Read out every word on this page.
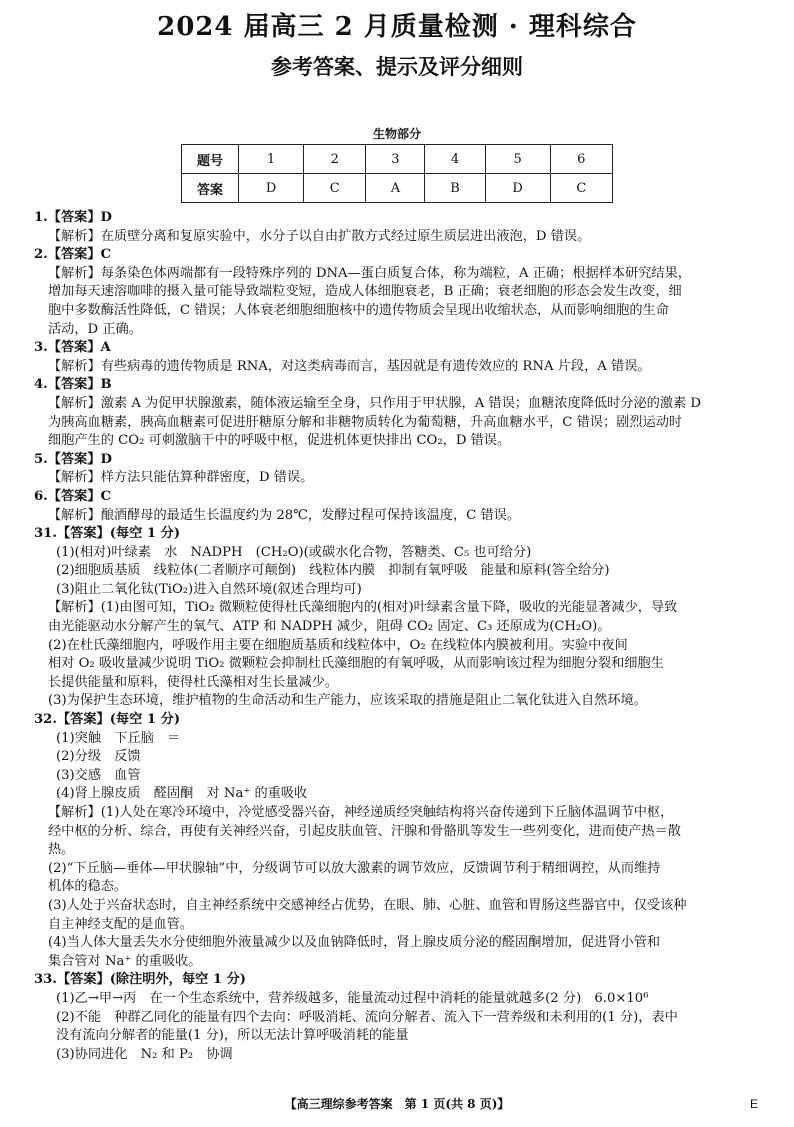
2024 届高三 2 月质量检测 · 理科综合
参考答案、提示及评分细则
生物部分
题号	1	2	3	4	5	6
答案	D	C	A	B	D	C
1.【答案】D
【解析】在质壁分离和复原实验中，水分子以自由扩散方式经过原生质层进出液泡，D 错误。
2.【答案】C
【解析】每条染色体两端都有一段特殊序列的 DNA—蛋白质复合体，称为端粒，A 正确；根据样本研究结果，
增加每天速溶咖啡的摄入量可能导致端粒变短，造成人体细胞衰老，B 正确；衰老细胞的形态会发生改变，细
胞中多数酶活性降低，C 错误；人体衰老细胞细胞核中的遗传物质会呈现出收缩状态，从而影响细胞的生命
活动，D 正确。
3.【答案】A
【解析】有些病毒的遗传物质是 RNA，对这类病毒而言，基因就是有遗传效应的 RNA 片段，A 错误。
4.【答案】B
【解析】激素 A 为促甲状腺激素，随体液运输至全身，只作用于甲状腺，A 错误；血糖浓度降低时分泌的激素 D
为胰高血糖素，胰高血糖素可促进肝糖原分解和非糖物质转化为葡萄糖，升高血糖水平，C 错误；剧烈运动时
细胞产生的 CO₂ 可刺激脑干中的呼吸中枢，促进机体更快排出 CO₂，D 错误。
5.【答案】D
【解析】样方法只能估算种群密度，D 错误。
6.【答案】C
【解析】酿酒酵母的最适生长温度约为 28℃，发酵过程可保持该温度，C 错误。
31.【答案】(每空 1 分)
(1)(相对)叶绿素　水　NADPH　(CH₂O)(或碳水化合物，答糖类、C₅ 也可给分)
(2)细胞质基质　线粒体(二者顺序可颠倒)　线粒体内膜　抑制有氧呼吸　能量和原料(答全给分)
(3)阻止二氧化钛(TiO₂)进入自然环境(叙述合理均可)
【解析】(1)由图可知，TiO₂ 微颗粒使得杜氏藻细胞内的(相对)叶绿素含量下降，吸收的光能显著减少，导致
由光能驱动水分解产生的氧气、ATP 和 NADPH 减少，阻碍 CO₂ 固定、C₃ 还原成为(CH₂O)。
(2)在杜氏藻细胞内，呼吸作用主要在细胞质基质和线粒体中，O₂ 在线粒体内膜被利用。实验中夜间
相对 O₂ 吸收量减少说明 TiO₂ 微颗粒会抑制杜氏藻细胞的有氧呼吸，从而影响该过程为细胞分裂和细胞生
长提供能量和原料，使得杜氏藻相对生长量减少。
(3)为保护生态环境，维护植物的生命活动和生产能力，应该采取的措施是阻止二氧化钛进入自然环境。
32.【答案】(每空 1 分)
(1)突触　下丘脑　＝
(2)分级　反馈
(3)交感　血管
(4)肾上腺皮质　醛固酮　对 Na⁺ 的重吸收
【解析】(1)人处在寒冷环境中，冷觉感受器兴奋，神经递质经突触结构将兴奋传递到下丘脑体温调节中枢，
经中枢的分析、综合，再使有关神经兴奋，引起皮肤血管、汗腺和骨骼肌等发生一些列变化，进而使产热＝散
热。
(2)“下丘脑—垂体—甲状腺轴”中，分级调节可以放大激素的调节效应，反馈调节利于精细调控，从而维持
机体的稳态。
(3)人处于兴奋状态时，自主神经系统中交感神经占优势，在眼、肺、心脏、血管和胃肠这些器官中，仅受该种
自主神经支配的是血管。
(4)当人体大量丢失水分使细胞外液量减少以及血钠降低时，肾上腺皮质分泌的醛固酮增加，促进肾小管和
集合管对 Na⁺ 的重吸收。
33.【答案】(除注明外，每空 1 分)
(1)乙→甲→丙　在一个生态系统中，营养级越多，能量流动过程中消耗的能量就越多(2 分)　6.0×10⁶
(2)不能　种群乙同化的能量有四个去向：呼吸消耗、流向分解者、流入下一营养级和未利用的(1 分)，表中
没有流向分解者的能量(1 分)，所以无法计算呼吸消耗的能量
(3)协同进化　N₂ 和 P₂　协调
【高三理综参考答案　第 1 页(共 8 页)】	E
